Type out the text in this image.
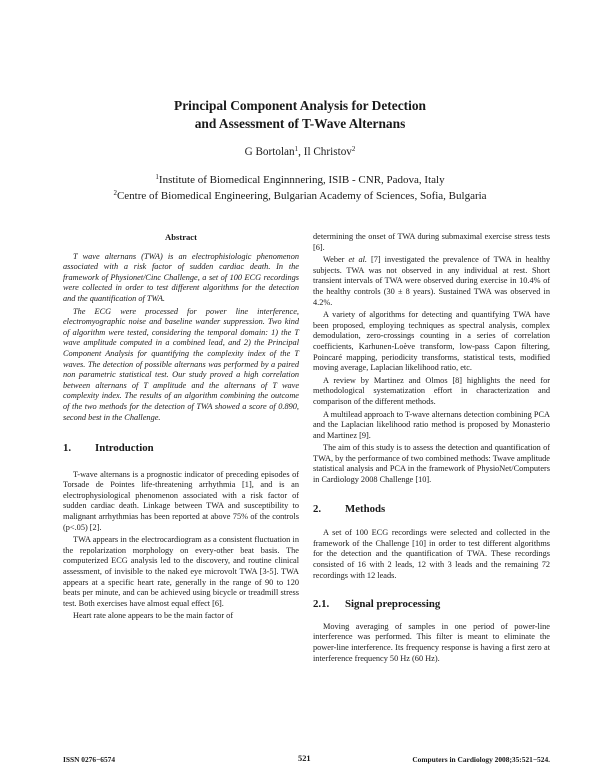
Principal Component Analysis for Detection
and Assessment of T-Wave Alternans
G Bortolan$^1$, Il Christov$^2$
$^1$Institute of Biomedical Enginnnering, ISIB - CNR, Padova, Italy
$^2$Centre of Biomedical Engineering, Bulgarian Academy of Sciences, Sofia, Bulgaria
Abstract

T wave alternans (TWA) is an electrophisiologic phenomenon associated with a risk factor of sudden cardiac death. In the framework of Physionet/Cinc Challenge, a set of 100 ECG recordings were collected in order to test different algorithms for the detection and the quantification of TWA.

The ECG were processed for power line interference, electromyographic noise and baseline wander suppression. Two kind of algorithm were tested, considering the temporal domain: 1) the T wave amplitude computed in a combined lead, and 2) the Principal Component Analysis for quantifying the complexity index of the T waves. The detection of possible alternans was performed by a paired non parametric statistical test. Our study proved a high correlation between alternans of T amplitude and the alternans of T wave complexity index. The results of an algorithm combining the outcome of the two methods for the detection of TWA showed a score of 0.890, second best in the Challenge.

1.	Introduction

T-wave alternans is a prognostic indicator of preceding episodes of Torsade de Pointes life-threatening arrhythmia [1], and is an electrophysiological phenomenon associated with a risk factor of sudden cardiac death. Linkage between TWA and susceptibility to malignant arrhythmias has been reported at above 75% of the controls (p<.05) [2].

TWA appears in the electrocardiogram as a consistent fluctuation in the repolarization morphology on every-other beat basis. The computerized ECG analysis led to the discovery, and routine clinical assessment, of invisible to the naked eye microvolt TWA [3-5]. TWA appears at a specific heart rate, generally in the range of 90 to 120 beats per minute, and can be achieved using bicycle or treadmill stress test. Both exercises have almost equal effect [6].

Heart rate alone appears to be the main factor of

determining the onset of TWA during submaximal exercise stress tests [6].

Weber et al. [7] investigated the prevalence of TWA in healthy subjects. TWA was not observed in any individual at rest. Short transient intervals of TWA were observed during exercise in 10.4% of the healthy controls (30 ± 8 years). Sustained TWA was observed in 4.2%.

A variety of algorithms for detecting and quantifying TWA have been proposed, employing techniques as spectral analysis, complex demodulation, zero-crossings counting in a series of correlation coefficients, Karhunen-Loève transform, low-pass Capon filtering, Poincaré mapping, periodicity transforms, statistical tests, modified moving average, Laplacian likelihood ratio, etc.

A review by Martinez and Olmos [8] highlights the need for methodological systematization effort in characterization and comparison of the different methods.

A multilead approach to T-wave alternans detection combining PCA and the Laplacian likelihood ratio method is proposed by Monasterio and Martinez [9].

The aim of this study is to assess the detection and quantification of TWA, by the performance of two combined methods: Twave amplitude statistical analysis and PCA in the framework of PhysioNet/Computers in Cardiology 2008 Challenge [10].

2.	Methods

A set of 100 ECG recordings were selected and collected in the framework of the Challenge [10] in order to test different algorithms for the detection and the quantification of TWA. These recordings consisted of 16 with 2 leads, 12 with 3 leads and the remaining 72 recordings with 12 leads.

2.1.	Signal preprocessing

Moving averaging of samples in one period of power-line interference was performed. This filter is meant to eliminate the power-line interference. Its frequency response is having a first zero at interference frequency 50 Hz (60 Hz).

ISSN 0276−6574	521	Computers in Cardiology 2008;35:521−524.
